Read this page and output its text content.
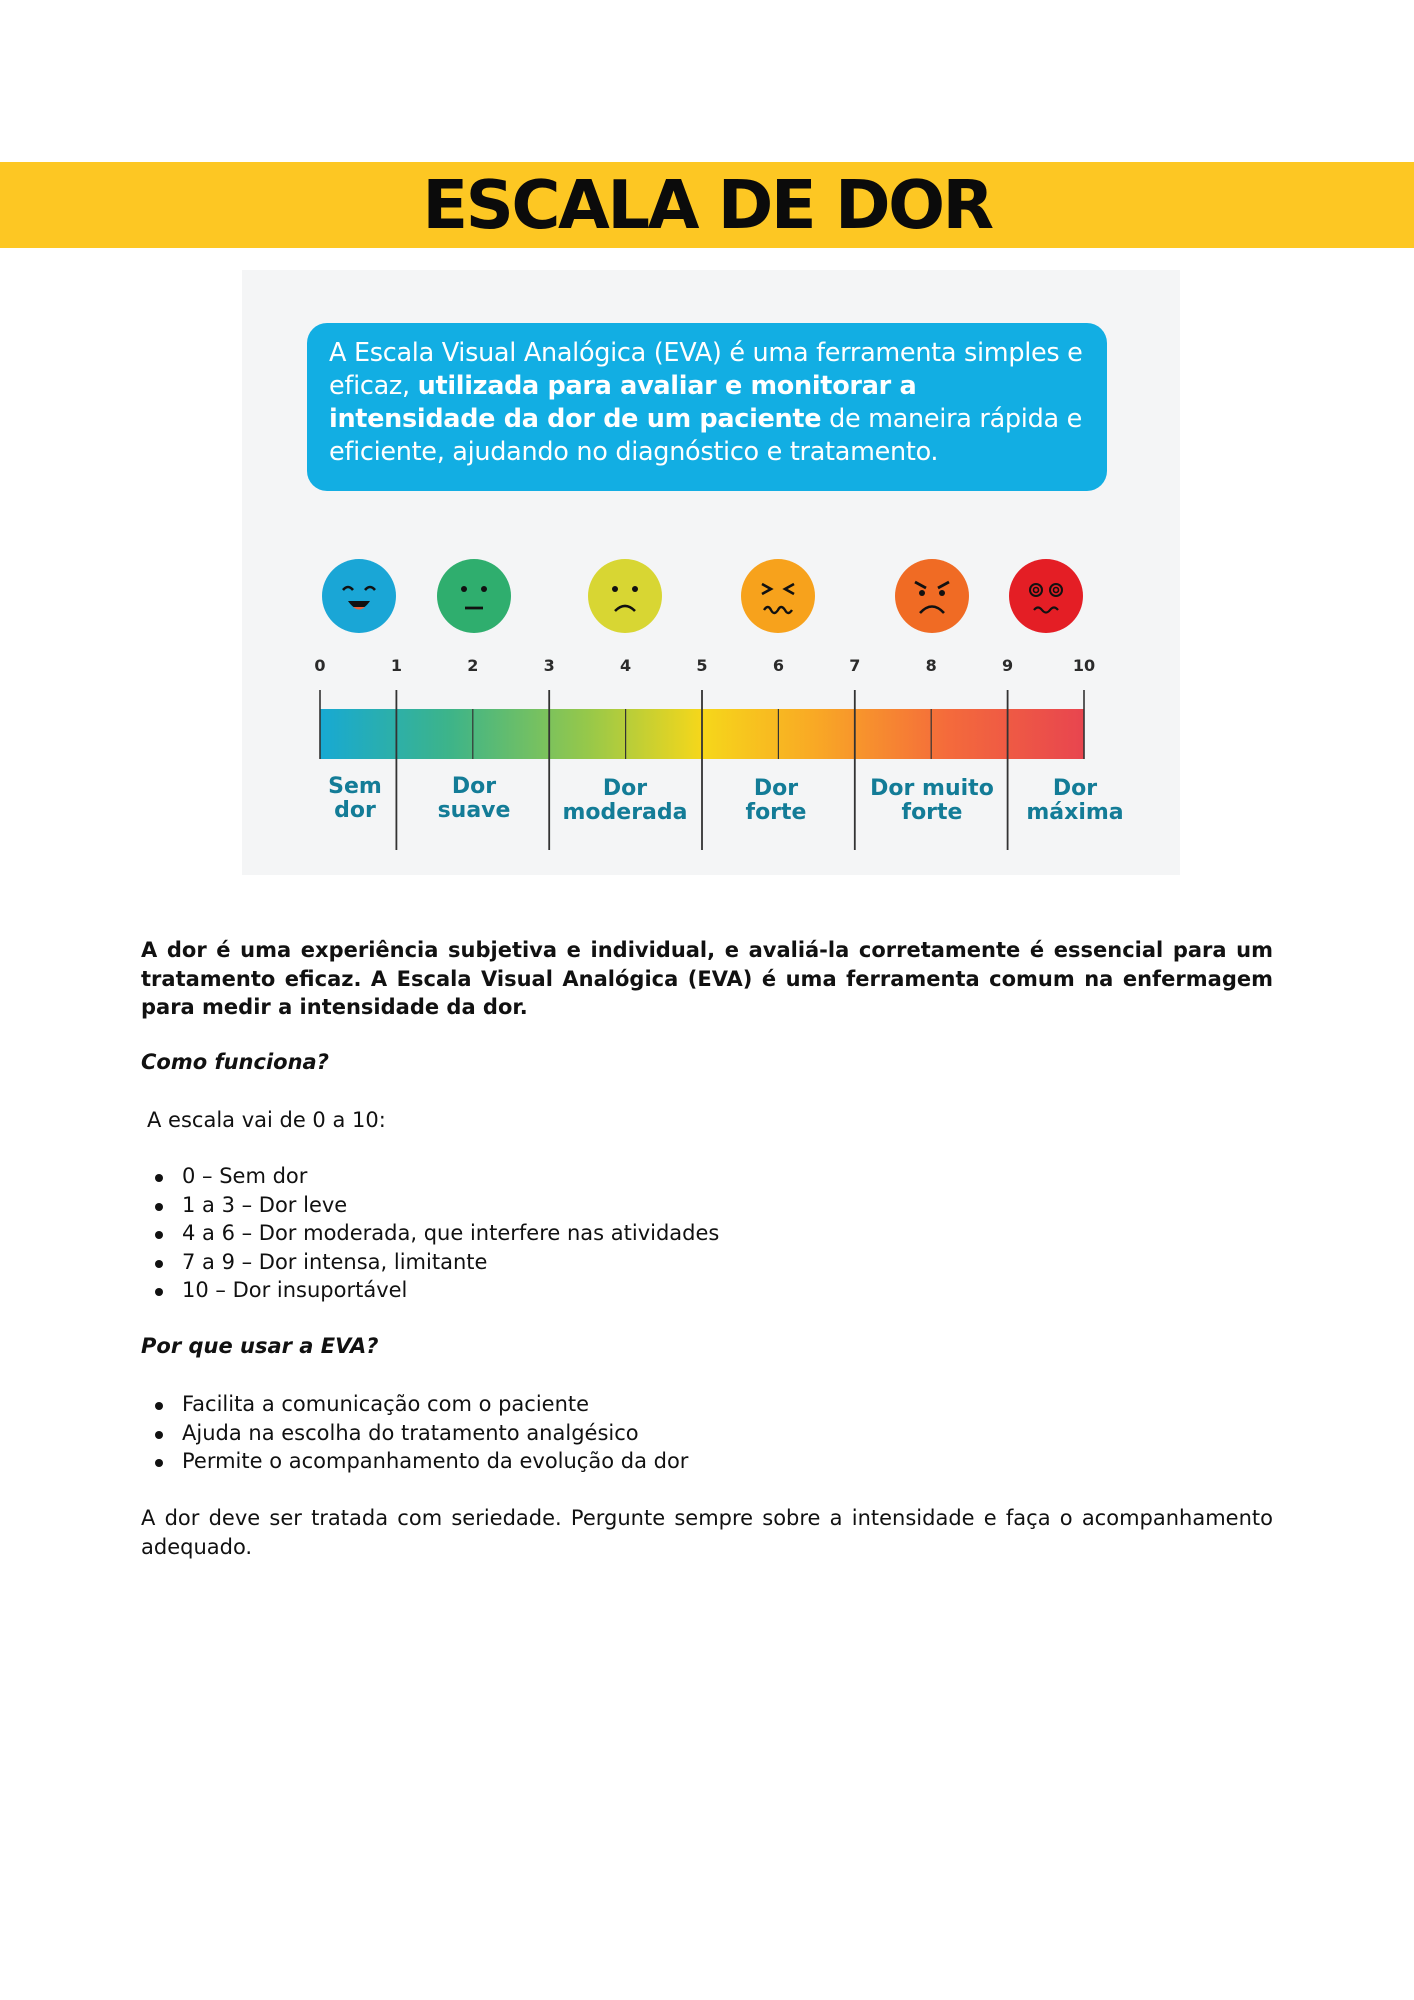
ESCALA DE DOR
A Escala Visual Analógica (EVA) é uma ferramenta simples e eficaz, utilizada para avaliar e monitorar a intensidade da dor de um paciente de maneira rápida e eficiente, ajudando no diagnóstico e tratamento.
0	1	2	3	4	5	6	7	8	9	10
Sem
dor
Dor
suave
Dor
moderada
Dor
forte
Dor muito
forte
Dor
máxima
A dor é uma experiência subjetiva e individual, e avaliá-la corretamente é essencial para um tratamento eficaz. A Escala Visual Analógica (EVA) é uma ferramenta comum na enfermagem para medir a intensidade da dor.
Como funciona?
A escala vai de 0 a 10:
0 – Sem dor
1 a 3 – Dor leve
4 a 6 – Dor moderada, que interfere nas atividades
7 a 9 – Dor intensa, limitante
10 – Dor insuportável
Por que usar a EVA?
Facilita a comunicação com o paciente
Ajuda na escolha do tratamento analgésico
Permite o acompanhamento da evolução da dor
A dor deve ser tratada com seriedade. Pergunte sempre sobre a intensidade e faça o acompanhamento adequado.
